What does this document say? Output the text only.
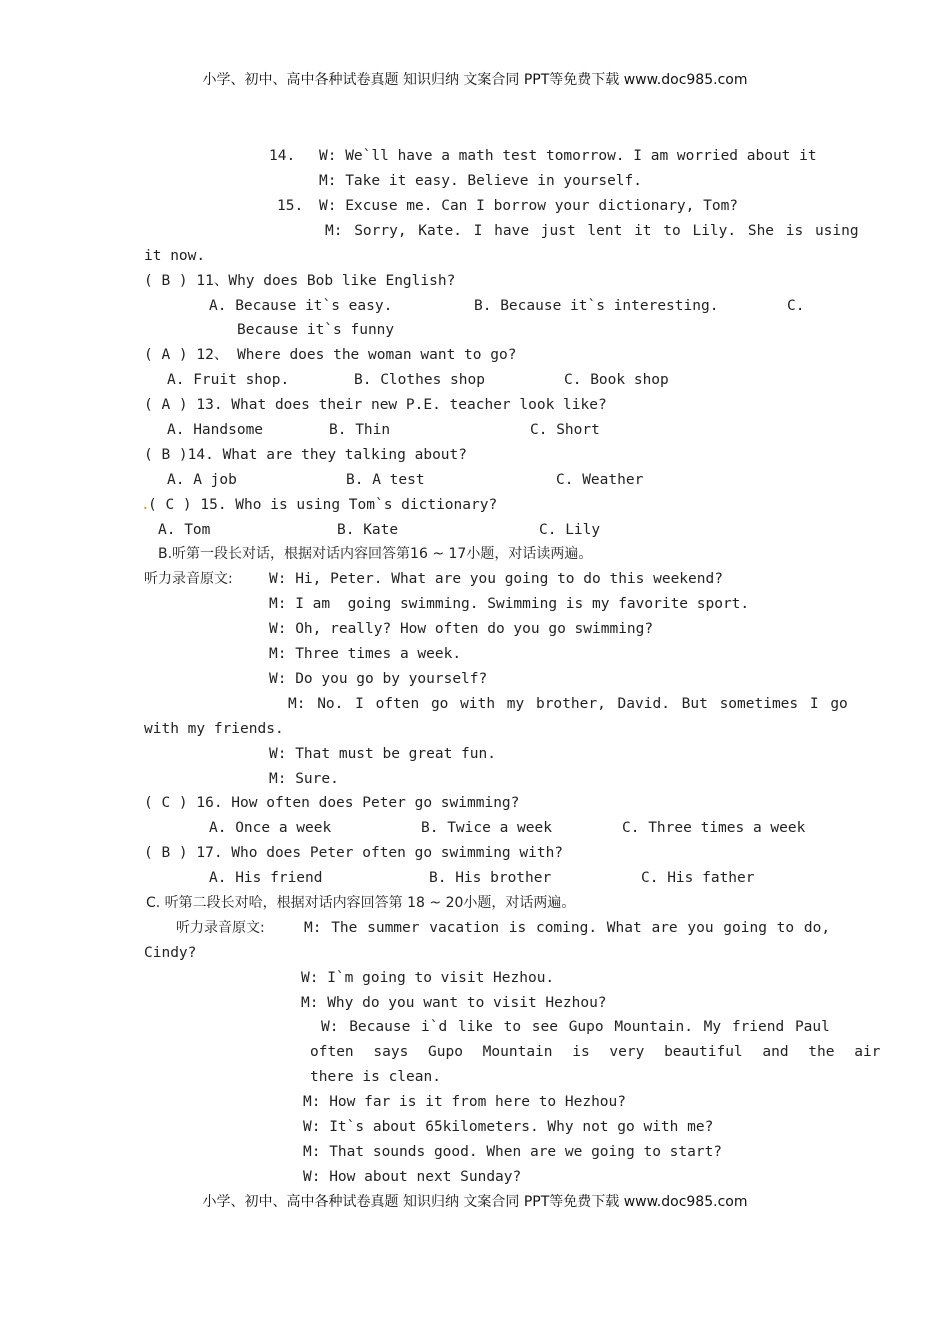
小学、初中、高中各种试卷真题 知识归纳 文案合同 PPT等免费下载 www.doc985.com
14. W: We`ll have a math test tomorrow. I am worried about it
M: Take it easy. Believe in yourself.
15. W: Excuse me. Can I borrow your dictionary, Tom?
M: Sorry, Kate. I have just lent it to Lily. She is using
it now.
( B ) 11、Why does Bob like English?
A. Because it`s easy.	B. Because it`s interesting.	C.
Because it`s funny
( A ) 12、 Where does the woman want to go?
A. Fruit shop.	B. Clothes shop	C. Book shop
( A ) 13. What does their new P.E. teacher look like?
A. Handsome	B. Thin	C. Short
( B )14. What are they talking about?
A. A job	B. A test	C. Weather
.
( C ) 15. Who is using Tom`s dictionary?
A. Tom	B. Kate	C. Lily
B.听第一段长对话，根据对话内容回答第16 ~ 17小题，对话读两遍。
听力录音原文:	W: Hi, Peter. What are you going to do this weekend?
M: I am  going swimming. Swimming is my favorite sport.
W: Oh, really? How often do you go swimming?
M: Three times a week.
W: Do you go by yourself?
M: No. I often go with my brother, David. But sometimes I go
with my friends.
W: That must be great fun.
M: Sure.
( C ) 16. How often does Peter go swimming?
A. Once a week	B. Twice a week	C. Three times a week
( B ) 17. Who does Peter often go swimming with?
A. His friend	B. His brother	C. His father
C. 听第二段长对哈，根据对话内容回答第 18 ~ 20小题，对话两遍。
听力录音原文:	M: The summer vacation is coming. What are you going to do,
Cindy?
W: I`m going to visit Hezhou.
M: Why do you want to visit Hezhou?
W: Because i`d like to see Gupo Mountain. My friend Paul
often says Gupo Mountain is very beautiful and the air
there is clean.
M: How far is it from here to Hezhou?
W: It`s about 65kilometers. Why not go with me?
M: That sounds good. When are we going to start?
W: How about next Sunday?
小学、初中、高中各种试卷真题 知识归纳 文案合同 PPT等免费下载 www.doc985.com
